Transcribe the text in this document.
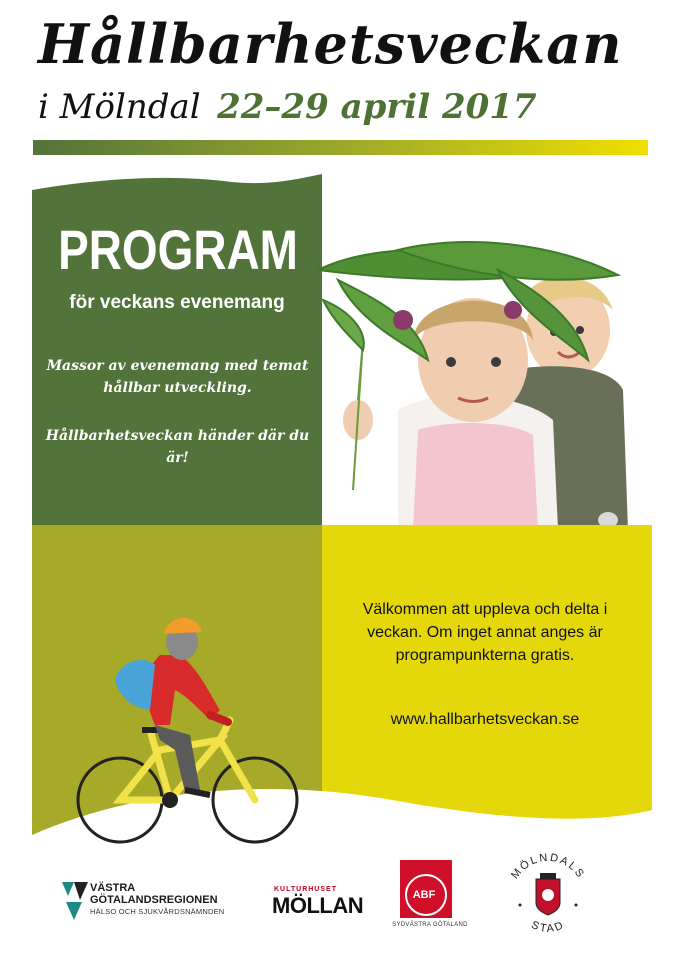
Hållbarhetsveckan
i Mölndal 22–29 april 2017
PROGRAM
för veckans evenemang
Massor av evenemang med temat hållbar utveckling.
Hållbarhetsveckan händer där du är!
Välkommen att uppleva och delta i veckan. Om inget annat anges är programpunkterna gratis.
www.hallbarhetsveckan.se
VÄSTRA
GÖTALANDSREGIONEN
HÄLSO OCH SJUKVÅRDSNÄMNDEN
KULTURHUSET
MÖLLAN	ABF
SYDVÄSTRA GÖTALAND
MÖLNDALS
STAD
